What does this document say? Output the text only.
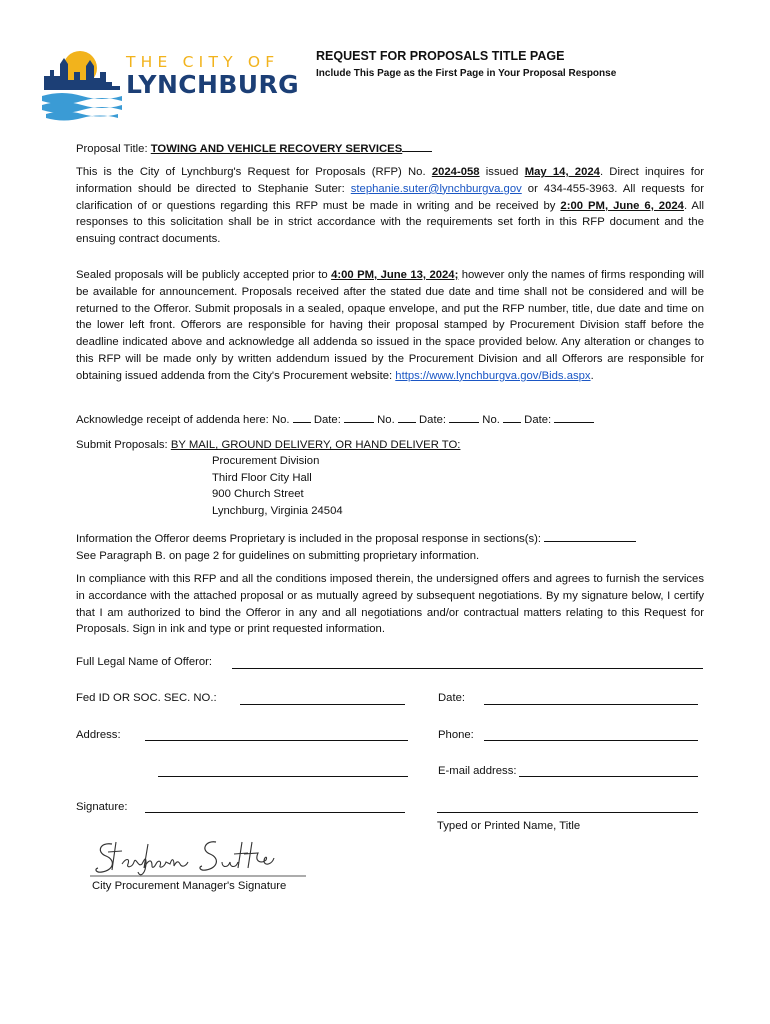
THE CITY OF
LYNCHBURG
REQUEST FOR PROPOSALS TITLE PAGE
Include This Page as the First Page in Your Proposal Response
Proposal Title: TOWING AND VEHICLE RECOVERY SERVICES
This is the City of Lynchburg's Request for Proposals (RFP) No. 2024-058 issued May 14, 2024. Direct inquires for information should be directed to Stephanie Suter: stephanie.suter@lynchburgva.gov or 434-455-3963. All requests for clarification of or questions regarding this RFP must be made in writing and be received by 2:00 PM, June 6, 2024. All responses to this solicitation shall be in strict accordance with the requirements set forth in this RFP document and the ensuing contract documents.
Sealed proposals will be publicly accepted prior to 4:00 PM, June 13, 2024; however only the names of firms responding will be available for announcement. Proposals received after the stated due date and time shall not be considered and will be returned to the Offeror. Submit proposals in a sealed, opaque envelope, and put the RFP number, title, due date and time on the lower left front. Offerors are responsible for having their proposal stamped by Procurement Division staff before the deadline indicated above and acknowledge all addenda so issued in the space provided below. Any alteration or changes to this RFP will be made only by written addendum issued by the Procurement Division and all Offerors are responsible for obtaining issued addenda from the City's Procurement website: https://www.lynchburgva.gov/Bids.aspx.
Acknowledge receipt of addenda here: No. Date:	No. Date:	No. Date:
Submit Proposals: BY MAIL, GROUND DELIVERY, OR HAND DELIVER TO:
Procurement Division
Third Floor City Hall
900 Church Street
Lynchburg, Virginia 24504
Information the Offeror deems Proprietary is included in the proposal response in sections(s):
See Paragraph B. on page 2 for guidelines on submitting proprietary information.
In compliance with this RFP and all the conditions imposed therein, the undersigned offers and agrees to furnish the services in accordance with the attached proposal or as mutually agreed by subsequent negotiations. By my signature below, I certify that I am authorized to bind the Offeror in any and all negotiations and/or contractual matters relating to this Request for Proposals. Sign in ink and type or print requested information.
Full Legal Name of Offeror:
Fed ID OR SOC. SEC. NO.:	Date:
Address:	Phone:
E-mail address:
Signature:
Typed or Printed Name, Title
City Procurement Manager's Signature
